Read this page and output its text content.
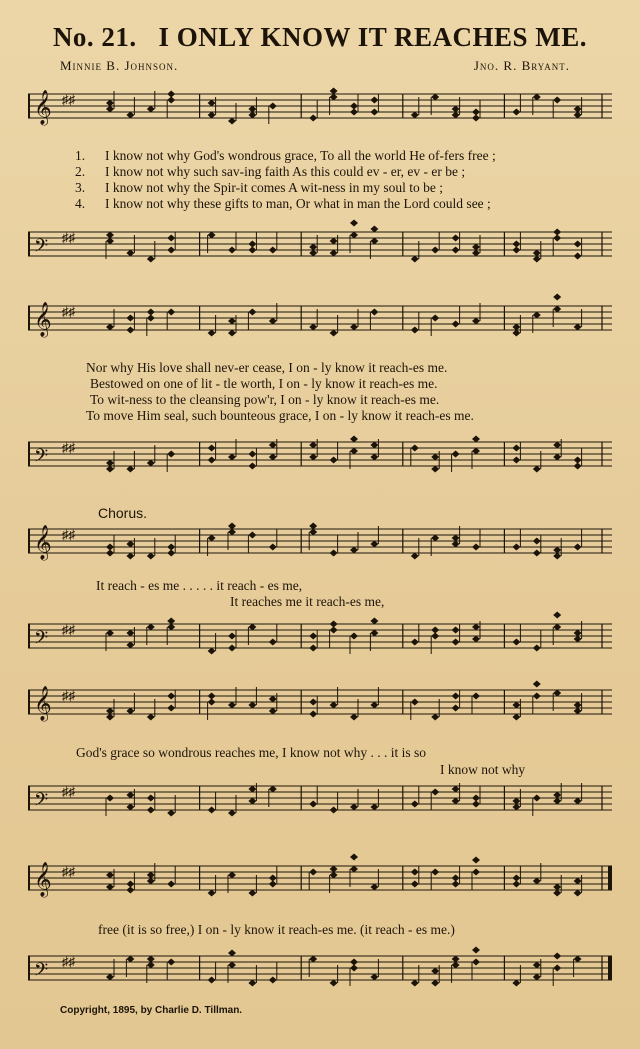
No. 21. I ONLY KNOW IT REACHES ME.
Minnie B. Johnson.	Jno. R. Bryant.
𝄞 ♯♯
1. I know not why God's wondrous grace, To all the world He of-fers free ;
2. I know not why such sav-ing faith As this could ev - er, ev - er be ;
3. I know not why the Spir-it comes A wit-ness in my soul to be ;
4. I know not why these gifts to man, Or what in man the Lord could see ;
𝄢 ♯♯
𝄞 ♯♯
Nor why His love shall nev-er cease, I on - ly know it reach-es me.
Bestowed on one of lit - tle worth, I on - ly know it reach-es me.
To wit-ness to the cleansing pow'r, I on - ly know it reach-es me.
To move Him seal, such bounteous grace, I on - ly know it reach-es me.
𝄢 ♯♯
Chorus.
𝄞 ♯♯
It reach - es me . . . . . it reach - es me,
It reaches me it reach-es me,
𝄢 ♯♯
𝄞 ♯♯
God's grace so wondrous reaches me, I know not why . . . it is so
I know not why
𝄢 ♯♯
𝄞 ♯♯
free (it is so free,) I on - ly know it reach-es me. (it reach - es me.)
𝄢 ♯♯
Copyright, 1895, by Charlie D. Tillman.
